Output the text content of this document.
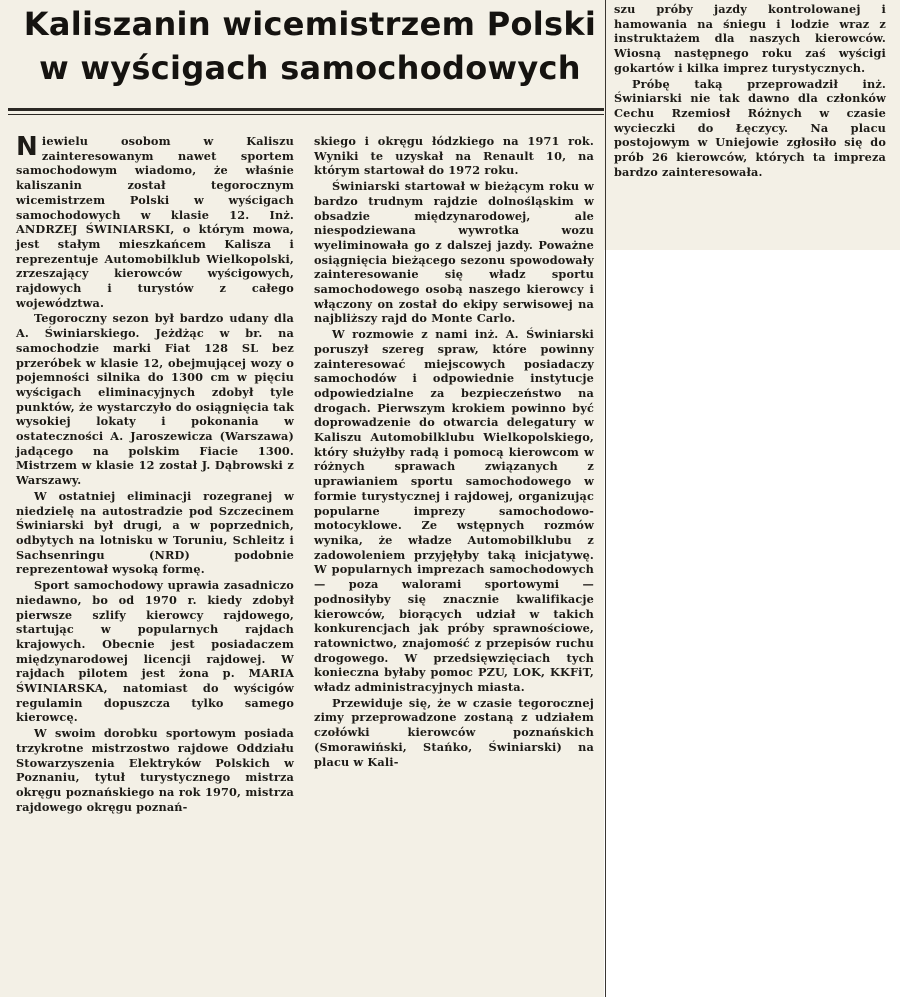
Kaliszanin wicemistrzem Polski
w wyścigach samochodowych

Niewielu osobom w Kaliszu zainteresowanym nawet sportem samochodowym wiadomo, że właśnie kaliszanin został tegorocznym wicemistrzem Polski w wyścigach samochodowych w klasie 12. Inż. ANDRZEJ ŚWINIARSKI, o którym mowa, jest stałym mieszkańcem Kalisza i reprezentuje Automobilklub Wielkopolski, zrzeszający kierowców wyścigowych, rajdowych i turystów z całego województwa.

Tegoroczny sezon był bardzo udany dla A. Świniarskiego. Jeżdżąc w br. na samochodzie marki Fiat 128 SL bez przeróbek w klasie 12, obejmującej wozy o pojemności silnika do 1300 cm w pięciu wyścigach eliminacyjnych zdobył tyle punktów, że wystarczyło do osiągnięcia tak wysokiej lokaty i pokonania w ostateczności A. Jaroszewicza (Warszawa) jadącego na polskim Fiacie 1300. Mistrzem w klasie 12 został J. Dąbrowski z Warszawy.

W ostatniej eliminacji rozegranej w niedzielę na autostradzie pod Szczecinem Świniarski był drugi, a w poprzednich, odbytych na lotnisku w Toruniu, Schleitz i Sachsenringu (NRD) podobnie reprezentował wysoką formę.

Sport samochodowy uprawia zasadniczo niedawno, bo od 1970 r. kiedy zdobył pierwsze szlify kierowcy rajdowego, startując w popularnych rajdach krajowych. Obecnie jest posiadaczem międzynarodowej licencji rajdowej. W rajdach pilotem jest żona p. MARIA ŚWINIARSKA, natomiast do wyścigów regulamin dopuszcza tylko samego kierowcę.

W swoim dorobku sportowym posiada trzykrotne mistrzostwo rajdowe Oddziału Stowarzyszenia Elektryków Polskich w Poznaniu, tytuł turystycznego mistrza okręgu poznańskiego na rok 1970, mistrza rajdowego okręgu poznań-

skiego i okręgu łódzkiego na 1971 rok. Wyniki te uzyskał na Renault 10, na którym startował do 1972 roku.

Świniarski startował w bieżącym roku w bardzo trudnym rajdzie dolnośląskim w obsadzie międzynarodowej, ale niespodziewana wywrotka wozu wyeliminowała go z dalszej jazdy. Poważne osiągnięcia bieżącego sezonu spowodowały zainteresowanie się władz sportu samochodowego osobą naszego kierowcy i włączony on został do ekipy serwisowej na najbliższy rajd do Monte Carlo.

W rozmowie z nami inż. A. Świniarski poruszył szereg spraw, które powinny zainteresować miejscowych posiadaczy samochodów i odpowiednie instytucje odpowiedzialne za bezpieczeństwo na drogach. Pierwszym krokiem powinno być doprowadzenie do otwarcia delegatury w Kaliszu Automobilklubu Wielkopolskiego, który służyłby radą i pomocą kierowcom w różnych sprawach związanych z uprawianiem sportu samochodowego w formie turystycznej i rajdowej, organizując popularne imprezy samochodowo-motocyklowe. Ze wstępnych rozmów wynika, że władze Automobilklubu z zadowoleniem przyjęłyby taką inicjatywę. W popularnych imprezach samochodowych — poza walorami sportowymi — podnosiłyby się znacznie kwalifikacje kierowców, biorących udział w takich konkurencjach jak próby sprawnościowe, ratownictwo, znajomość z przepisów ruchu drogowego. W przedsięwzięciach tych konieczna byłaby pomoc PZU, LOK, KKFiT, władz administracyjnych miasta.

Przewiduje się, że w czasie tegorocznej zimy przeprowadzone zostaną z udziałem czołówki kierowców poznańskich (Smorawiński, Stańko, Świniarski) na placu w Kali-

szu próby jazdy kontrolowanej i hamowania na śniegu i lodzie wraz z instruktażem dla naszych kierowców. Wiosną następnego roku zaś wyścigi gokartów i kilka imprez turystycznych.

Próbę taką przeprowadził inż. Świniarski nie tak dawno dla członków Cechu Rzemiosł Różnych w czasie wycieczki do Łęczycy. Na placu postojowym w Uniejowie zgłosiło się do prób 26 kierowców, których ta impreza bardzo zainteresowała.
